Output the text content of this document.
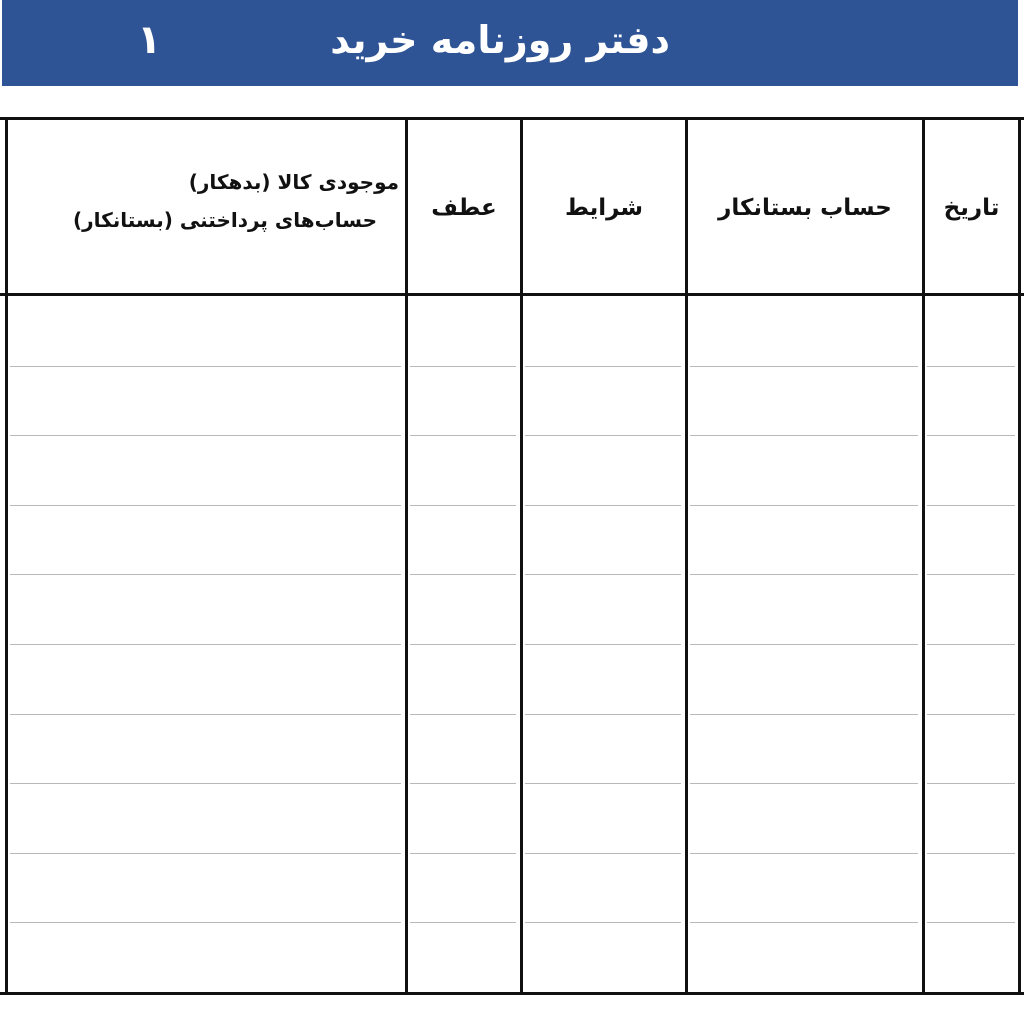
دفتر روزنامه خرید
۱
تاریخ
حساب بستانکار
شرایط
عطف
موجودی کالا (بدهکار)
حساب‌های پرداختنی (بستانکار)
